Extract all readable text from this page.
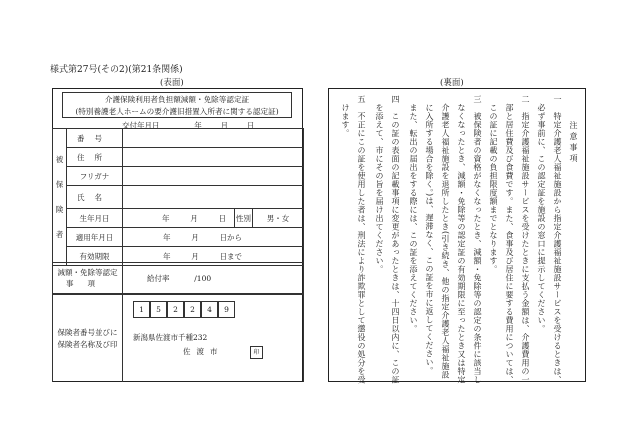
様式第27号(その2)(第21条関係)
(表面)
介護保険利用者負担額減額・免除等認定証
(特別養護老人ホームの要介護旧措置入所者に関する認定証)
交付年月日	年	月	日
被
保
険
者	番号			
	住所			
	フリガナ			
	氏名			
	生年月日	年 月 日	性別	男・女
	適用年月日	年 月 日から		
	有効期限	年 月 日まで		
減額・免除等認定
事項
	給付率	/100
保険者番号並びに
保険者名称及び印

1 5 2 2 4 9
新潟県佐渡市千種232
佐渡市	印
(裏面)
注意事項
一　特定介護老人福祉施設から指定介護福祉施設サービスを受けるときは、
　必ず事前に、この認定証を施設の窓口に提示してください。
二　指定介護福祉施設サービスを受けたときに支払う金額は、介護費用の一
　部と居住費及び食費です。また、食事及び居住に要する費用については、
　この証に記載の負担限度額までとなります。
三　被保険者の資格がなくなったとき、減額・免除等の認定の条件に該当し
　なくなったとき、減額・免除等の認定証の有効期限に至ったとき又は特定
　介護老人福祉施設を退所したとき(引き続き、他の指定介護老人福祉施設
　に入所する場合を除く。)は、遅滞なく、この証を市に返してください。
　また、転出の届出をする際には、この証を添えてください。
四　この証の表面の記載事項に変更があったときは、十四日以内に、この証
　を添えて、市にその旨を届け出てください。
五　不正にこの証を使用した者は、刑法により詐欺罪として懲役の処分を受
　けます。
